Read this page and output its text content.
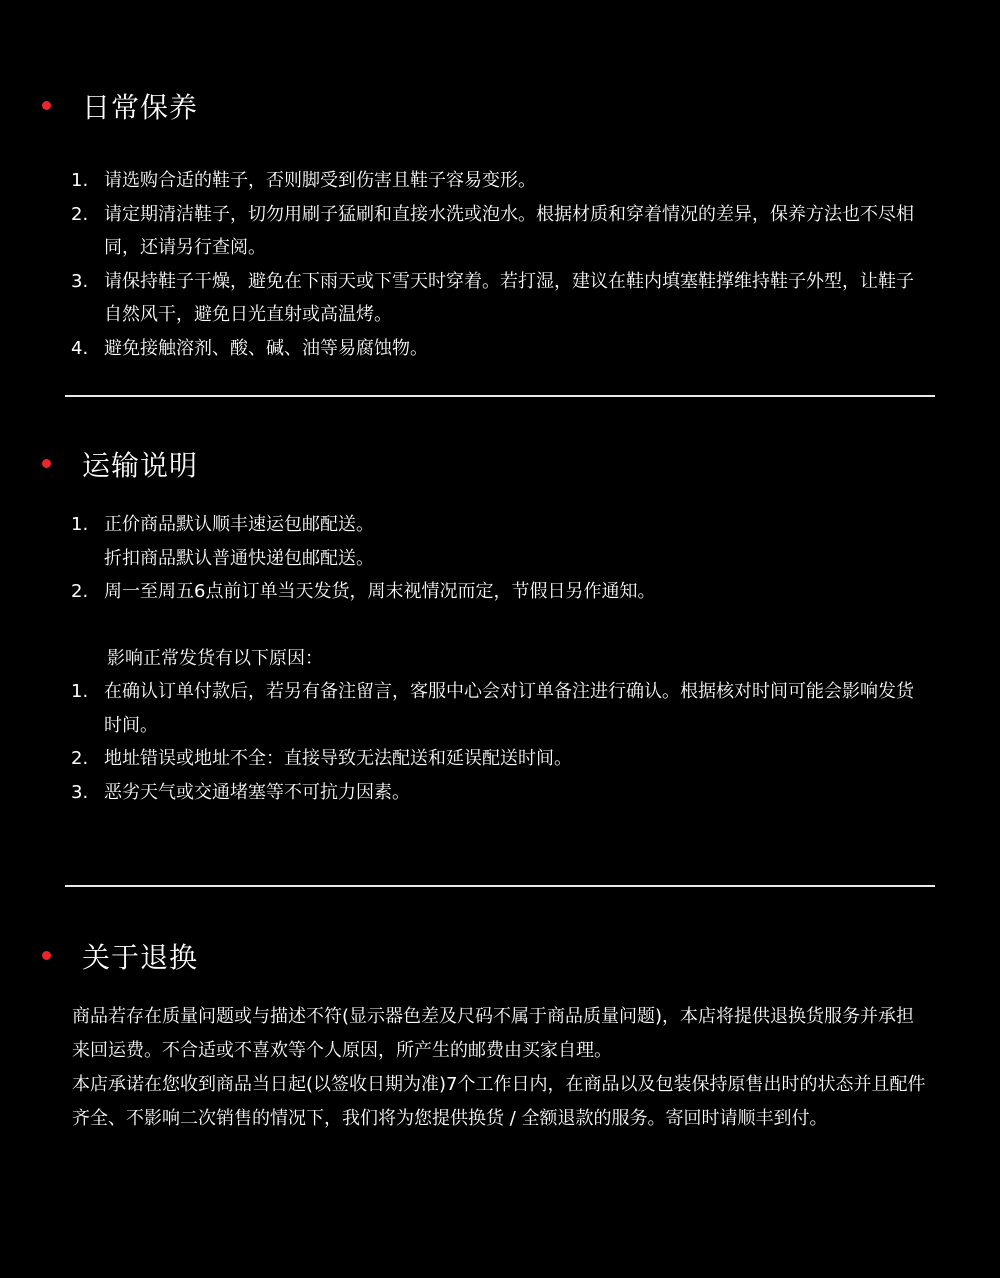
日常保养
1. 请选购合适的鞋子，否则脚受到伤害且鞋子容易变形。
2. 请定期清洁鞋子，切勿用刷子猛刷和直接水洗或泡水。根据材质和穿着情况的差异，保养方法也不尽相同，还请另行查阅。
3. 请保持鞋子干燥，避免在下雨天或下雪天时穿着。若打湿，建议在鞋内填塞鞋撑维持鞋子外型，让鞋子自然风干，避免日光直射或高温烤。
4. 避免接触溶剂、酸、碱、油等易腐蚀物。
运输说明
1. 正价商品默认顺丰速运包邮配送。
折扣商品默认普通快递包邮配送。
2. 周一至周五6点前订单当天发货，周末视情况而定，节假日另作通知。
影响正常发货有以下原因：
1. 在确认订单付款后，若另有备注留言，客服中心会对订单备注进行确认。根据核对时间可能会影响发货时间。
2. 地址错误或地址不全：直接导致无法配送和延误配送时间。
3. 恶劣天气或交通堵塞等不可抗力因素。
关于退换
商品若存在质量问题或与描述不符(显示器色差及尺码不属于商品质量问题)，本店将提供退换货服务并承担来回运费。不合适或不喜欢等个人原因，所产生的邮费由买家自理。
本店承诺在您收到商品当日起(以签收日期为准)7个工作日内，在商品以及包装保持原售出时的状态并且配件齐全、不影响二次销售的情况下，我们将为您提供换货 / 全额退款的服务。寄回时请顺丰到付。
